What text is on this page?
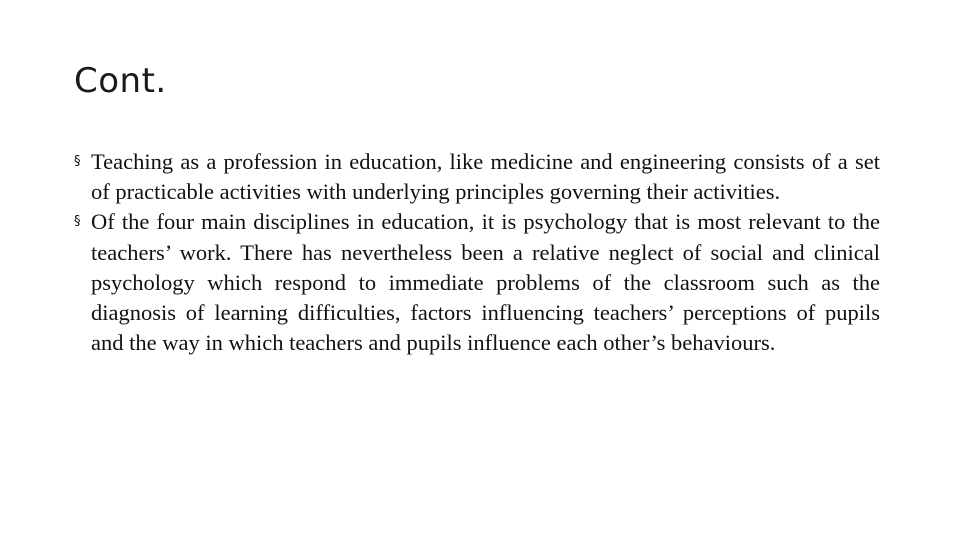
Cont.
§ Teaching as a profession in education, like medicine and engineering consists of a set of practicable activities with underlying principles governing their activities.
§ Of the four main disciplines in education, it is psychology that is most relevant to the teachers’ work. There has nevertheless been a relative neglect of social and clinical psychology which respond to immediate problems of the classroom such as the diagnosis of learning difficulties, factors influencing teachers’ perceptions of pupils and the way in which teachers and pupils influence each other’s behaviours.
